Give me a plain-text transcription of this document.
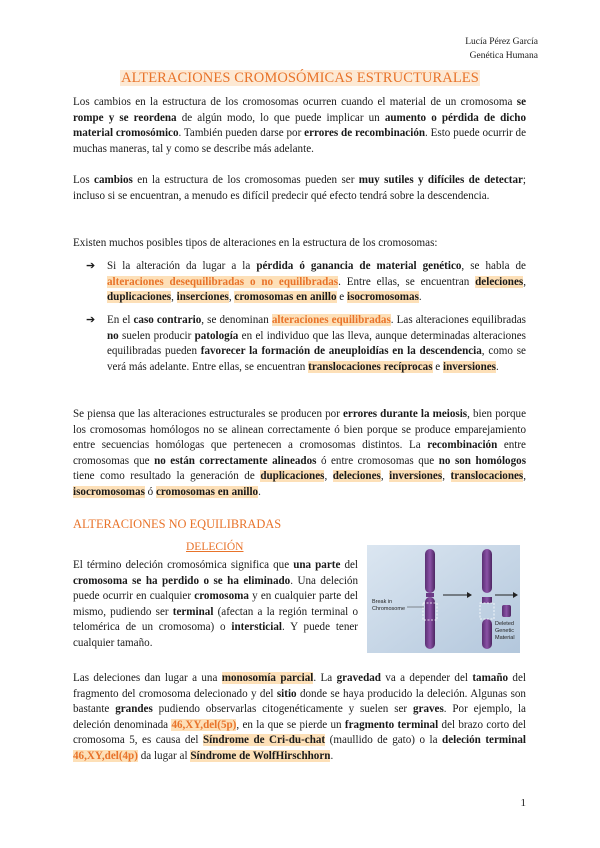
Lucía Pérez García
Genética Humana
ALTERACIONES CROMOSÓMICAS ESTRUCTURALES
Los cambios en la estructura de los cromosomas ocurren cuando el material de un cromosoma se rompe y se reordena de algún modo, lo que puede implicar un aumento o pérdida de dicho material cromosómico. También pueden darse por errores de recombinación. Esto puede ocurrir de muchas maneras, tal y como se describe más adelante.
Los cambios en la estructura de los cromosomas pueden ser muy sutiles y difíciles de detectar; incluso si se encuentran, a menudo es difícil predecir qué efecto tendrá sobre la descendencia.
Existen muchos posibles tipos de alteraciones en la estructura de los cromosomas:
➔ Si la alteración da lugar a la pérdida ó ganancia de material genético, se habla de alteraciones desequilibradas o no equilibradas. Entre ellas, se encuentran deleciones, duplicaciones, inserciones, cromosomas en anillo e isocromosomas.
➔ En el caso contrario, se denominan alteraciones equilibradas. Las alteraciones equilibradas no suelen producir patología en el individuo que las lleva, aunque determinadas alteraciones equilibradas pueden favorecer la formación de aneuploidías en la descendencia, como se verá más adelante. Entre ellas, se encuentran translocaciones recíprocas e inversiones.
Se piensa que las alteraciones estructurales se producen por errores durante la meiosis, bien porque los cromosomas homólogos no se alinean correctamente ó bien porque se produce emparejamiento entre secuencias homólogas que pertenecen a cromosomas distintos. La recombinación entre cromosomas que no están correctamente alineados ó entre cromosomas que no son homólogos tiene como resultado la generación de duplicaciones, deleciones, inversiones, translocaciones, isocromosomas ó cromosomas en anillo.
ALTERACIONES NO EQUILIBRADAS
DELECIÓN
El término deleción cromosómica significa que una parte del cromosoma se ha perdido o se ha eliminado. Una deleción puede ocurrir en cualquier cromosoma y en cualquier parte del mismo, pudiendo ser terminal (afectan a la región terminal o telomérica de un cromosoma) o intersticial. Y puede tener cualquier tamaño.
Break in Chromosome
Deleted Genetic Material
Las deleciones dan lugar a una monosomía parcial. La gravedad va a depender del tamaño del fragmento del cromosoma delecionado y del sitio donde se haya producido la deleción. Algunas son bastante grandes pudiendo observarlas citogenéticamente y suelen ser graves. Por ejemplo, la deleción denominada 46,XY,del(5p), en la que se pierde un fragmento terminal del brazo corto del cromosoma 5, es causa del Síndrome de Cri-du-chat (maullido de gato) o la deleción terminal 46,XY,del(4p) da lugar al Síndrome de WolfHirschhorn.
1
